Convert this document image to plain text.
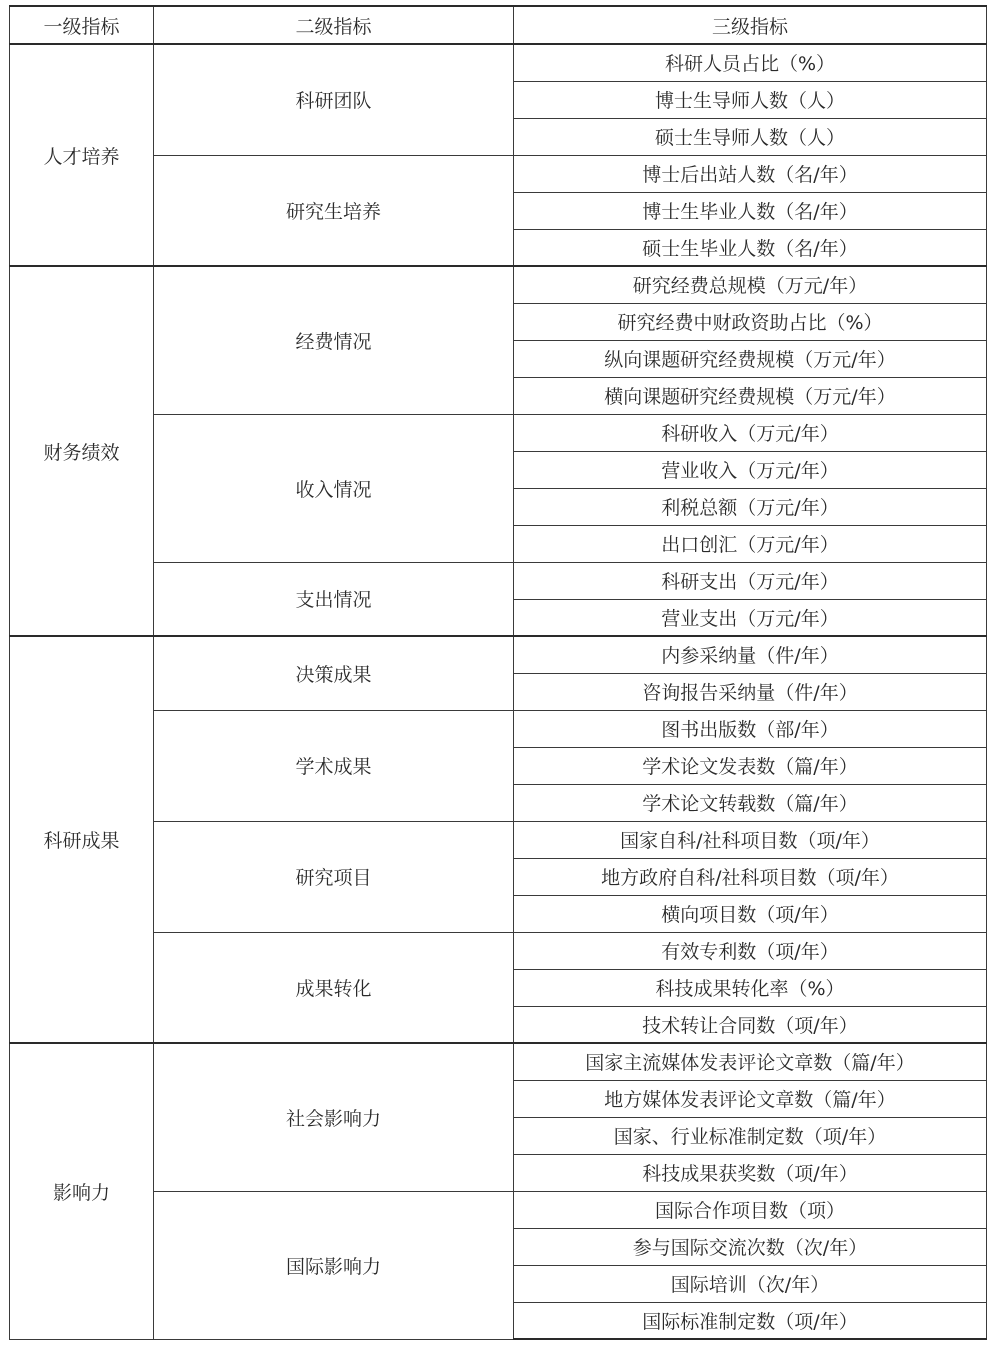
一级指标	二级指标	三级指标
人才培养	科研团队	科研人员占比（%）
		博士生导师人数（人）
		硕士生导师人数（人）
	研究生培养	博士后出站人数（名/年）
		博士生毕业人数（名/年）
		硕士生毕业人数（名/年）
财务绩效	经费情况	研究经费总规模（万元/年）
		研究经费中财政资助占比（%）
		纵向课题研究经费规模（万元/年）
		横向课题研究经费规模（万元/年）
	收入情况	科研收入（万元/年）
		营业收入（万元/年）
		利税总额（万元/年）
		出口创汇（万元/年）
	支出情况	科研支出（万元/年）
		营业支出（万元/年）
科研成果	决策成果	内参采纳量（件/年）
		咨询报告采纳量（件/年）
	学术成果	图书出版数（部/年）
		学术论文发表数（篇/年）
		学术论文转载数（篇/年）
	研究项目	国家自科/社科项目数（项/年）
		地方政府自科/社科项目数（项/年）
		横向项目数（项/年）
	成果转化	有效专利数（项/年）
		科技成果转化率（%）
		技术转让合同数（项/年）
影响力	社会影响力	国家主流媒体发表评论文章数（篇/年）
		地方媒体发表评论文章数（篇/年）
		国家、行业标准制定数（项/年）
		科技成果获奖数（项/年）
	国际影响力	国际合作项目数（项）
		参与国际交流次数（次/年）
		国际培训（次/年）
		国际标准制定数（项/年）
